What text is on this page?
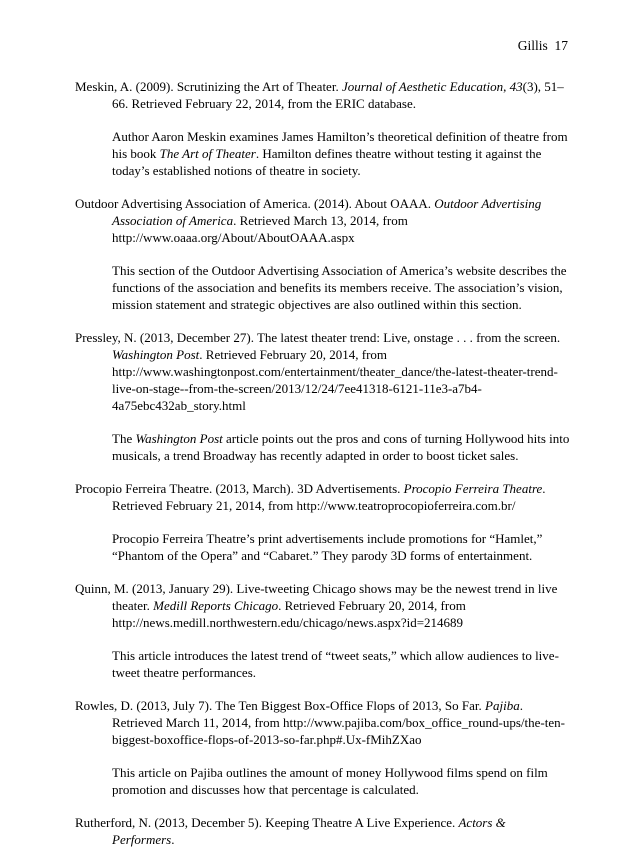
Gillis 17

Meskin, A. (2009). Scrutinizing the Art of Theater. Journal of Aesthetic Education, 43(3), 51–66. Retrieved February 22, 2014, from the ERIC database.

Author Aaron Meskin examines James Hamilton’s theoretical definition of theatre from his book The Art of Theater. Hamilton defines theatre without testing it against the today’s established notions of theatre in society.

Outdoor Advertising Association of America. (2014). About OAAA. Outdoor Advertising Association of America. Retrieved March 13, 2014, from http://www.oaaa.org/About/AboutOAAA.aspx

This section of the Outdoor Advertising Association of America’s website describes the functions of the association and benefits its members receive. The association’s vision, mission statement and strategic objectives are also outlined within this section.

Pressley, N. (2013, December 27). The latest theater trend: Live, onstage . . . from the screen. Washington Post. Retrieved February 20, 2014, from http://www.washingtonpost.com/entertainment/theater_dance/the-latest-theater-trend-live-on-stage--from-the-screen/2013/12/24/7ee41318-6121-11e3-a7b4-4a75ebc432ab_story.html

The Washington Post article points out the pros and cons of turning Hollywood hits into musicals, a trend Broadway has recently adapted in order to boost ticket sales.

Procopio Ferreira Theatre. (2013, March). 3D Advertisements. Procopio Ferreira Theatre. Retrieved February 21, 2014, from http://www.teatroprocopioferreira.com.br/

Procopio Ferreira Theatre’s print advertisements include promotions for “Hamlet,” “Phantom of the Opera” and “Cabaret.” They parody 3D forms of entertainment.

Quinn, M. (2013, January 29). Live-tweeting Chicago shows may be the newest trend in live theater. Medill Reports Chicago. Retrieved February 20, 2014, from http://news.medill.northwestern.edu/chicago/news.aspx?id=214689

This article introduces the latest trend of “tweet seats,” which allow audiences to live-tweet theatre performances.

Rowles, D. (2013, July 7). The Ten Biggest Box-Office Flops of 2013, So Far. Pajiba. Retrieved March 11, 2014, from http://www.pajiba.com/box_office_round-ups/the-ten-biggest-boxoffice-flops-of-2013-so-far.php#.Ux-fMihZXao

This article on Pajiba outlines the amount of money Hollywood films spend on film promotion and discusses how that percentage is calculated.

Rutherford, N. (2013, December 5). Keeping Theatre A Live Experience. Actors & Performers.
